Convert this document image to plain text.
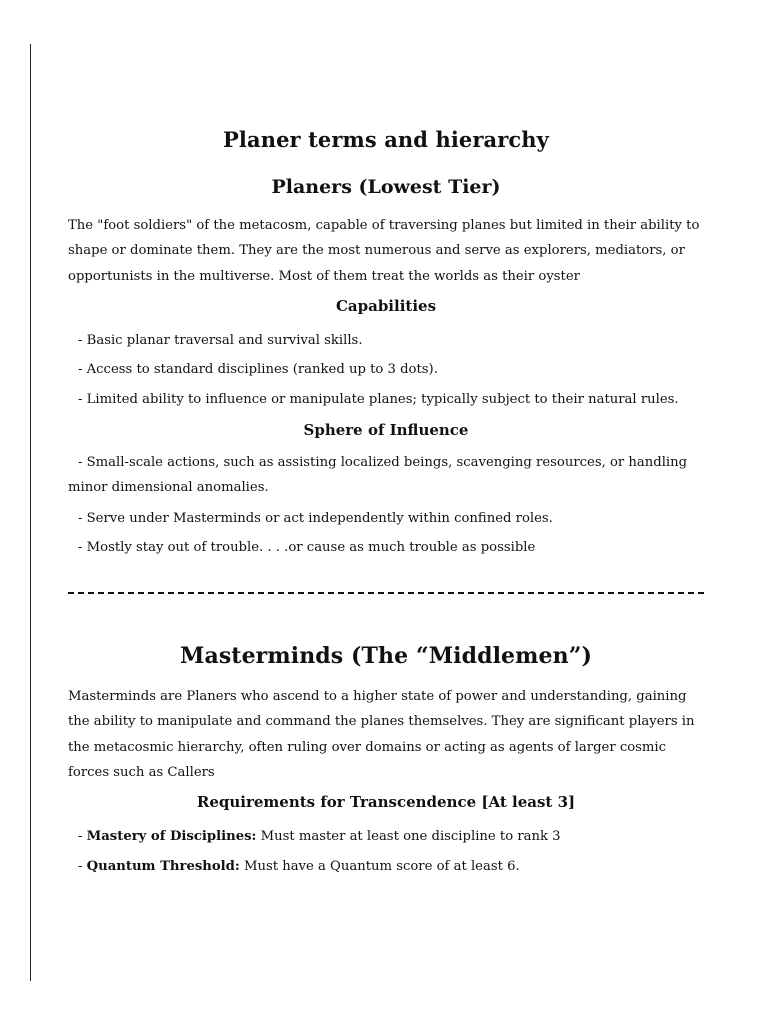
Planer terms and hierarchy
Planers (Lowest Tier)

The "foot soldiers" of the metacosm, capable of traversing planes but limited in their ability to shape or dominate them. They are the most numerous and serve as explorers, mediators, or opportunists in the multiverse. Most of them treat the worlds as their oyster

Capabilities

- Basic planar traversal and survival skills.

- Access to standard disciplines (ranked up to 3 dots).

- Limited ability to influence or manipulate planes; typically subject to their natural rules.

Sphere of Influence

- Small-scale actions, such as assisting localized beings, scavenging resources, or handling minor dimensional anomalies.

- Serve under Masterminds or act independently within confined roles.

- Mostly stay out of trouble. . . .or cause as much trouble as possible

Masterminds (The “Middlemen”)

Masterminds are Planers who ascend to a higher state of power and understanding, gaining the ability to manipulate and command the planes themselves. They are significant players in the metacosmic hierarchy, often ruling over domains or acting as agents of larger cosmic forces such as Callers

Requirements for Transcendence [At least 3]

- Mastery of Disciplines: Must master at least one discipline to rank 3

- Quantum Threshold: Must have a Quantum score of at least 6.
